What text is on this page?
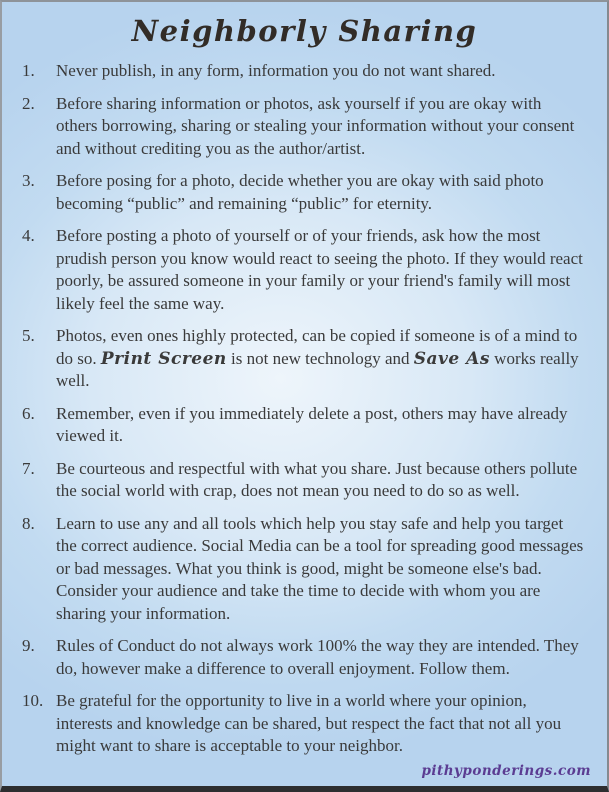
Neighborly Sharing
1.	Never publish, in any form, information you do not want shared.
2.	Before sharing information or photos, ask yourself if you are okay with others borrowing, sharing or stealing your information without your consent and without crediting you as the author/artist.
3.	Before posing for a photo, decide whether you are okay with said photo becoming “public” and remaining “public” for eternity.
4.	Before posting a photo of yourself or of your friends, ask how the most prudish person you know would react to seeing the photo. If they would react poorly, be assured someone in your family or your friend's family will most likely feel the same way.
5.	Photos, even ones highly protected, can be copied if someone is of a mind to do so. Print Screen is not new technology and Save As works really well.
6.	Remember, even if you immediately delete a post, others may have already viewed it.
7.	Be courteous and respectful with what you share. Just because others pollute the social world with crap, does not mean you need to do so as well.
8.	Learn to use any and all tools which help you stay safe and help you target the correct audience. Social Media can be a tool for spreading good messages or bad messages. What you think is good, might be someone else's bad. Consider your audience and take the time to decide with whom you are sharing your information.
9.	Rules of Conduct do not always work 100% the way they are intended. They do, however make a difference to overall enjoyment. Follow them.
10. Be grateful for the opportunity to live in a world where your opinion, interests and knowledge can be shared, but respect the fact that not all you might want to share is acceptable to your neighbor.
pithyponderings.com
